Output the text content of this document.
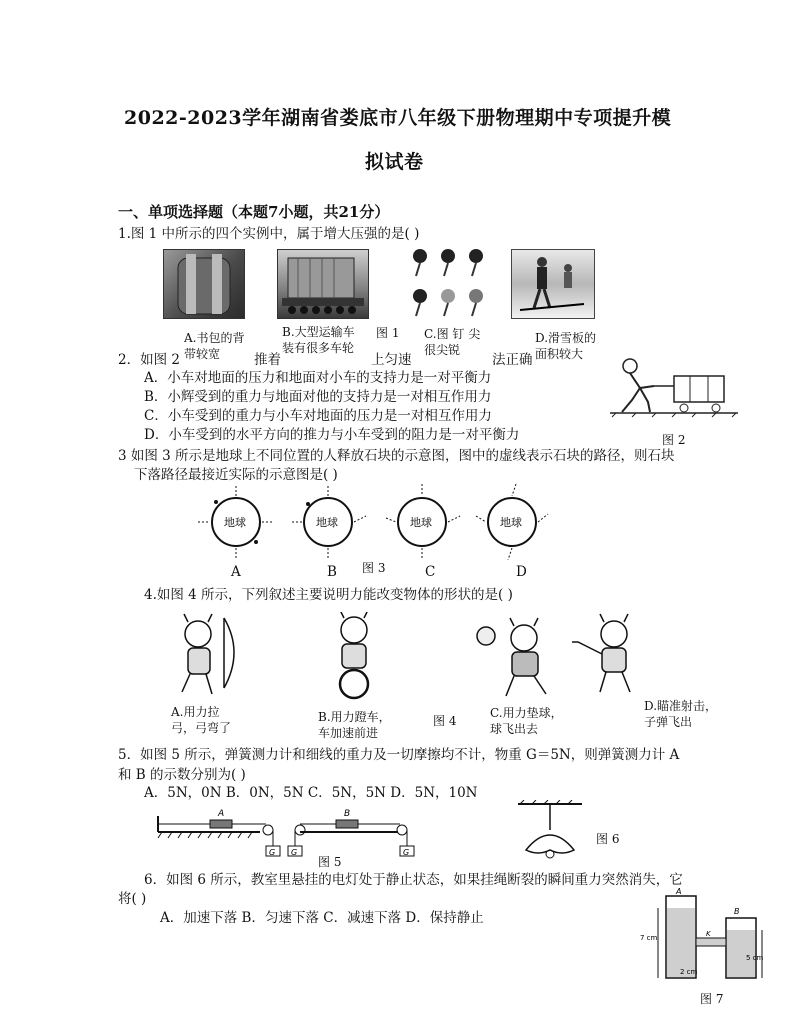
2022-2023学年湖南省娄底市八年级下册物理期中专项提升模
拟试卷
一、单项选择题（本题7小题，共21分）
1.图 1 中所示的四个实例中，属于增大压强的是( )
A.书包的背带较宽
B.大型运输车装有很多车轮
图 1 C.图 钉 尖很尖锐
D.滑雪板的面积较大
2．如图 2	推着	上匀速	法正确
A．小车对地面的压力和地面对小车的支持力是一对平衡力
B．小辉受到的重力与地面对他的支持力是一对相互作用力
C．小车受到的重力与小车对地面的压力是一对相互作用力
D．小车受到的水平方向的推力与小车受到的阻力是一对平衡力	图 2
3 如图 3 所示是地球上不同位置的人释放石块的示意图，图中的虚线表示石块的路径，则石块
下落路径最接近实际的示意图是( )
地球	地球	地球	地球
A	B 图 3	C	D
4.如图 4 所示，下列叙述主要说明力能改变物体的形状的是( )
A.用力拉弓，弓弯了
B.用力蹬车，车加速前进
图 4
C.用力垫球，球飞出去
D.瞄准射击，子弹飞出
5．如图 5 所示，弹簧测力计和细线的重力及一切摩擦均不计，物重 G＝5N，则弹簧测力计 A
和 B 的示数分别为( )
A．5N，0N B．0N，5N C．5N，5N D．5N，10N
A
G G
B
G
图 5
图 6
6．如图 6 所示，教室里悬挂的电灯处于静止状态，如果挂绳断裂的瞬间重力突然消失，它
将( )
A．加速下落 B．匀速下落 C．减速下落 D．保持静止
A
B
K
7 cm
5 cm
2 cm
图 7
